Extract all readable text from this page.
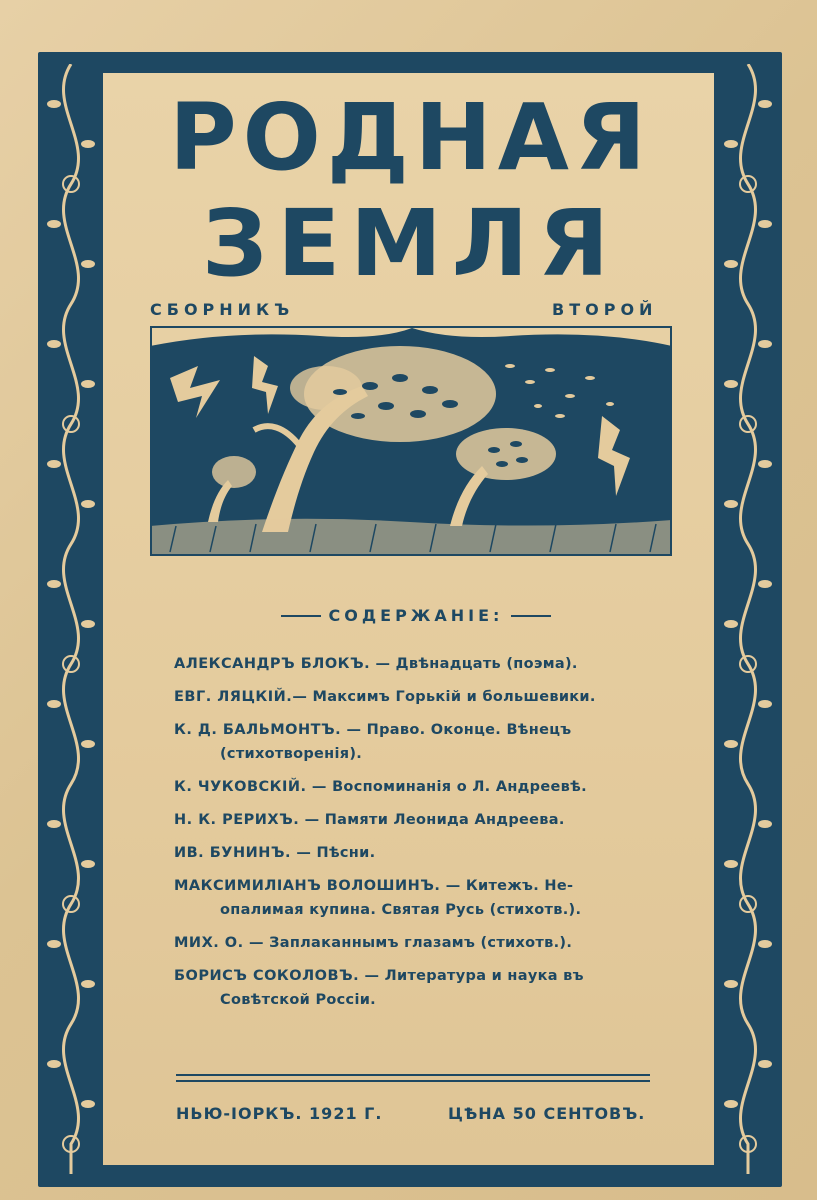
РОДНАЯ
ЗЕМЛЯ
СБОРНИКЪ	ВТОРОЙ
СОДЕРЖАНІЕ:
АЛЕКСАНДРЪ БЛОКЪ. — Двѣнадцать (поэма).
ЕВГ. ЛЯЦКІЙ.— Максимъ Горькій и большевики.
К. Д. БАЛЬМОНТЪ. — Право. Оконце. Вѣнецъ
(стихотворенія).
К. ЧУКОВСКІЙ. — Воспоминанія о Л. Андреевѣ.
Н. К. РЕРИХЪ. — Памяти Леонида Андреева.
ИВ. БУНИНЪ. — Пѣсни.
МАКСИМИЛІАНЪ ВОЛОШИНЪ. — Китежъ. Не-
опалимая купина. Святая Русь (стихотв.).
МИХ. О. — Заплаканнымъ глазамъ (стихотв.).
БОРИСЪ СОКОЛОВЪ. — Литература и наука въ
Совѣтской Россіи.
НЬЮ-ІОРКЪ. 1921 Г.	ЦѢНА 50 СЕНТОВЪ.
